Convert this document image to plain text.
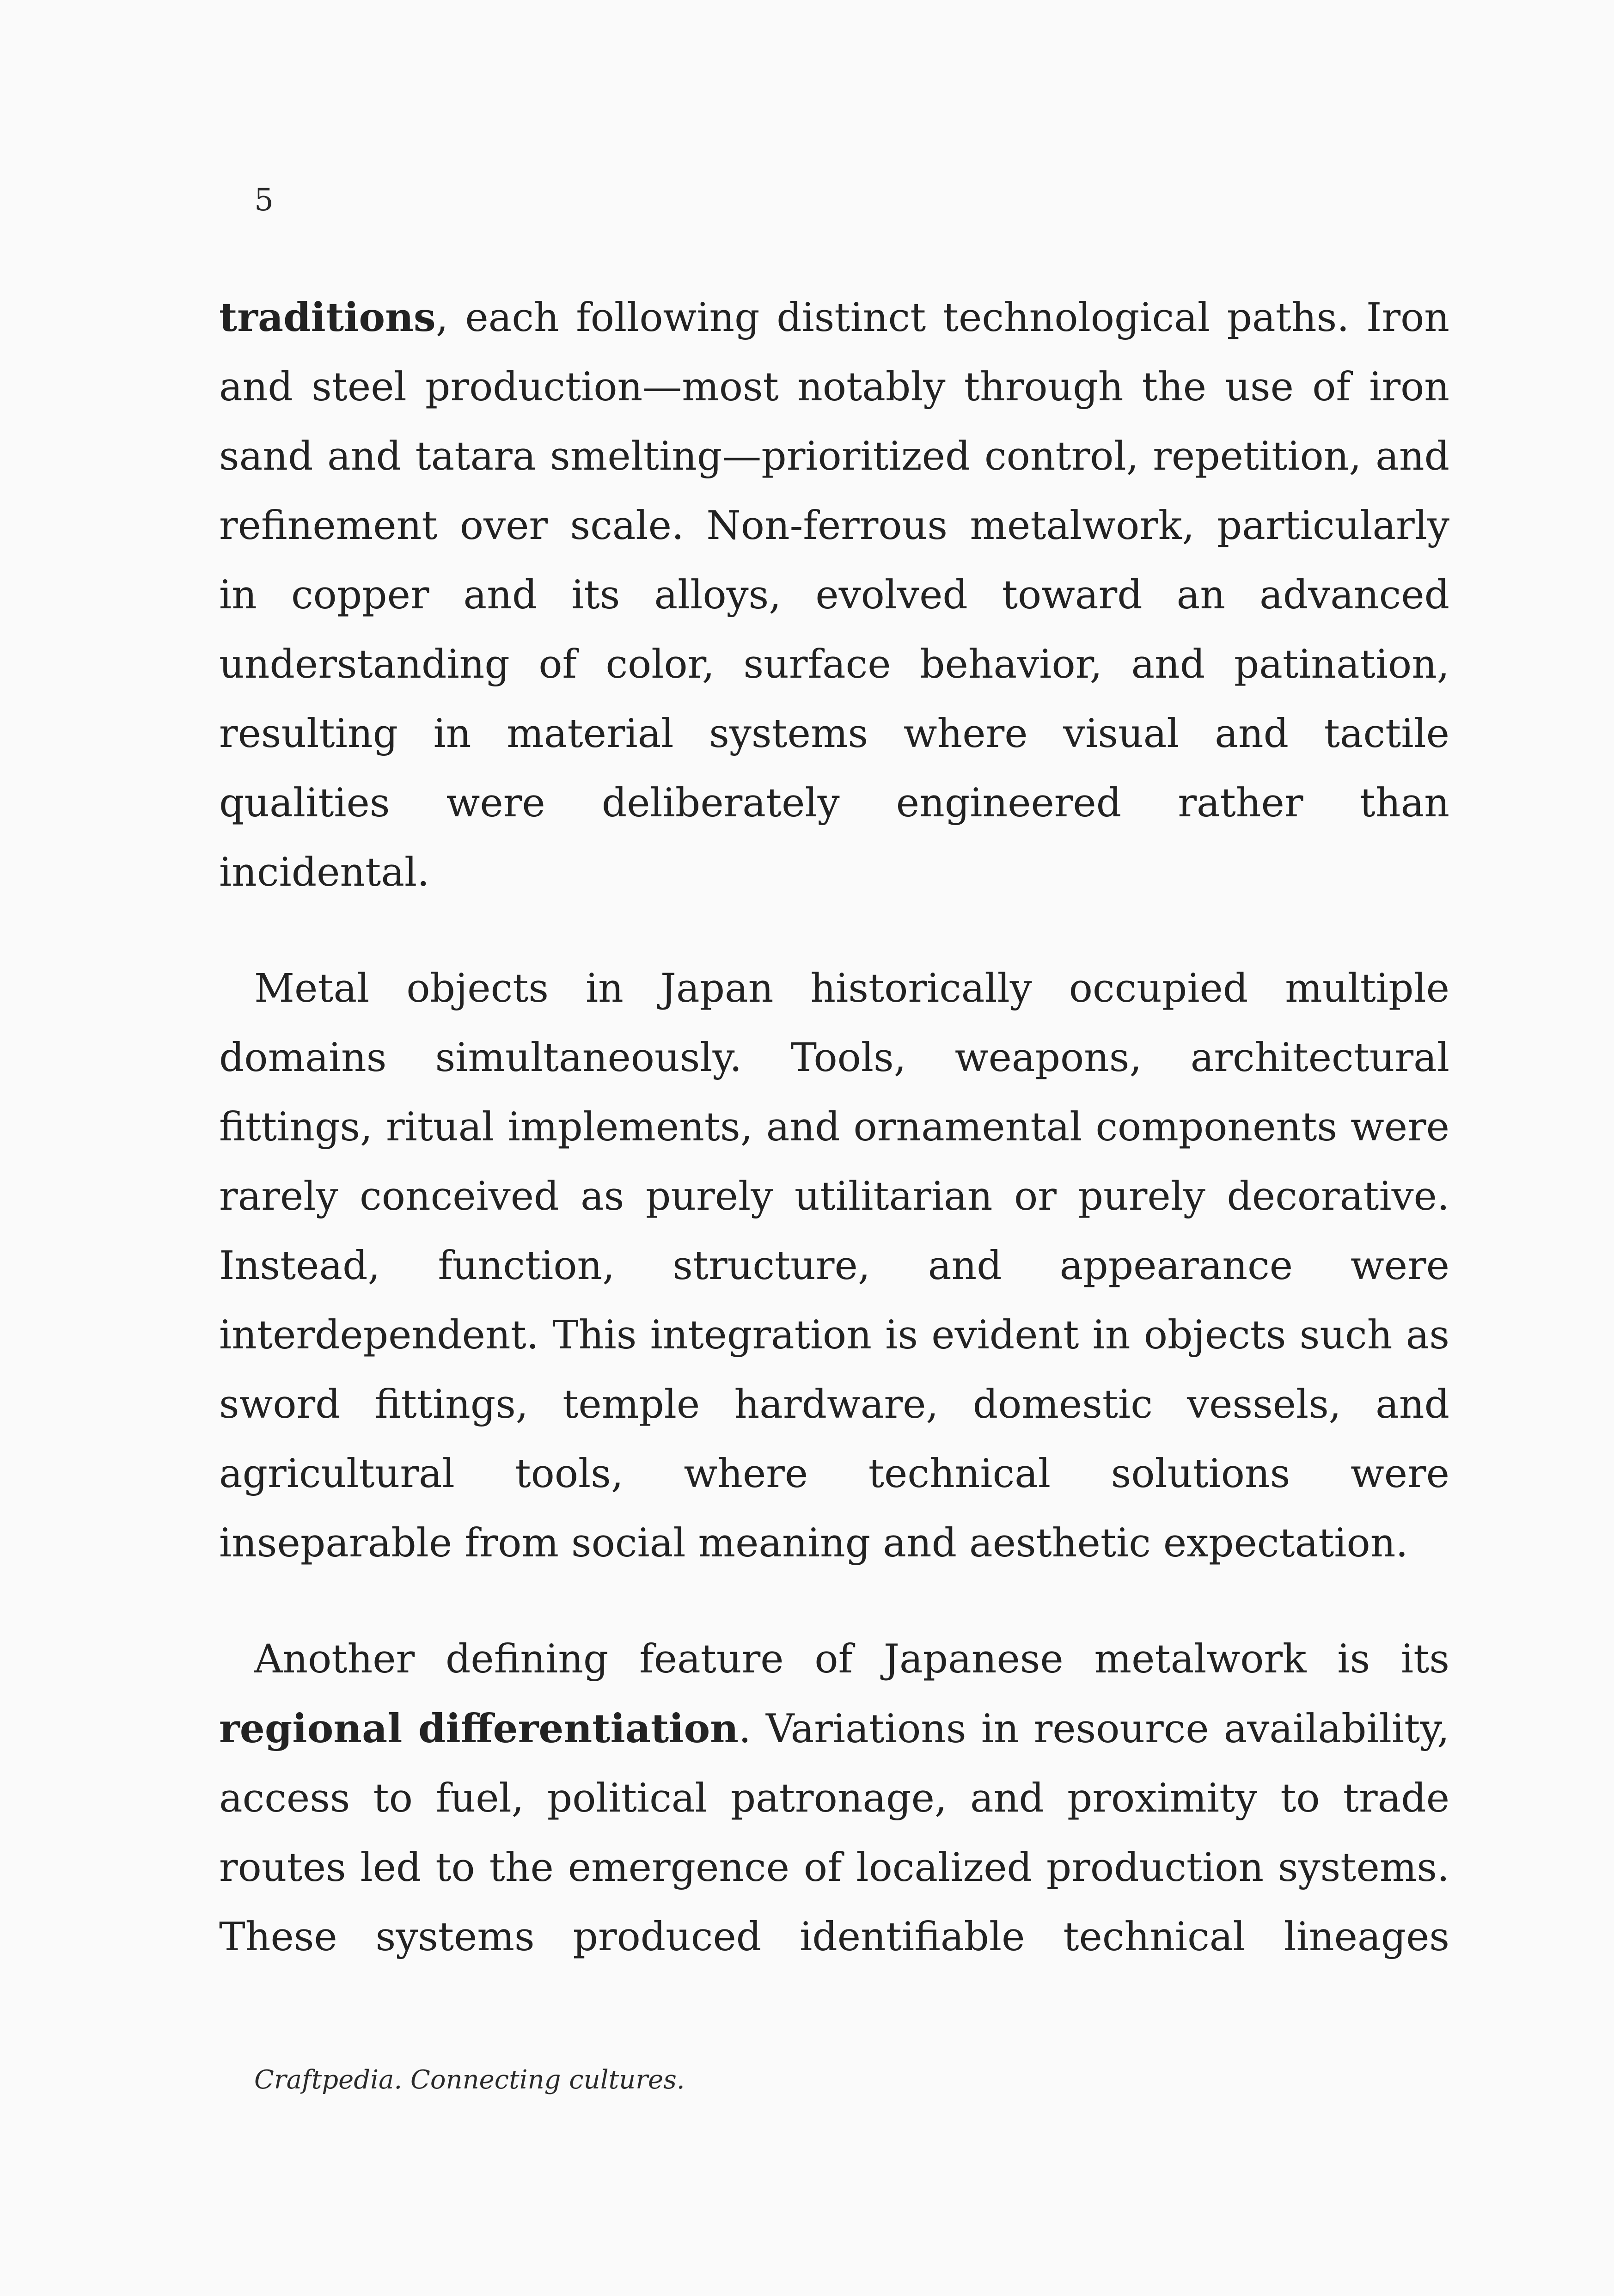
5

traditions, each following distinct technological paths. Iron and steel production—most notably through the use of iron sand and tatara smelting—prioritized control, repetition, and refinement over scale. Non-ferrous metalwork, particularly in copper and its alloys, evolved toward an advanced understanding of color, surface behavior, and patination, resulting in material systems where visual and tactile qualities were deliberately engineered rather than incidental.

Metal objects in Japan historically occupied multiple domains simultaneously. Tools, weapons, architectural fittings, ritual implements, and ornamental components were rarely conceived as purely utilitarian or purely decorative. Instead, function, structure, and appearance were interdependent. This integration is evident in objects such as sword fittings, temple hardware, domestic vessels, and agricultural tools, where technical solutions were inseparable from social meaning and aesthetic expectation.

Another defining feature of Japanese metalwork is its regional differentiation. Variations in resource availability, access to fuel, political patronage, and proximity to trade routes led to the emergence of localized production systems. These systems produced identifiable technical lineages

Craftpedia. Connecting cultures.
